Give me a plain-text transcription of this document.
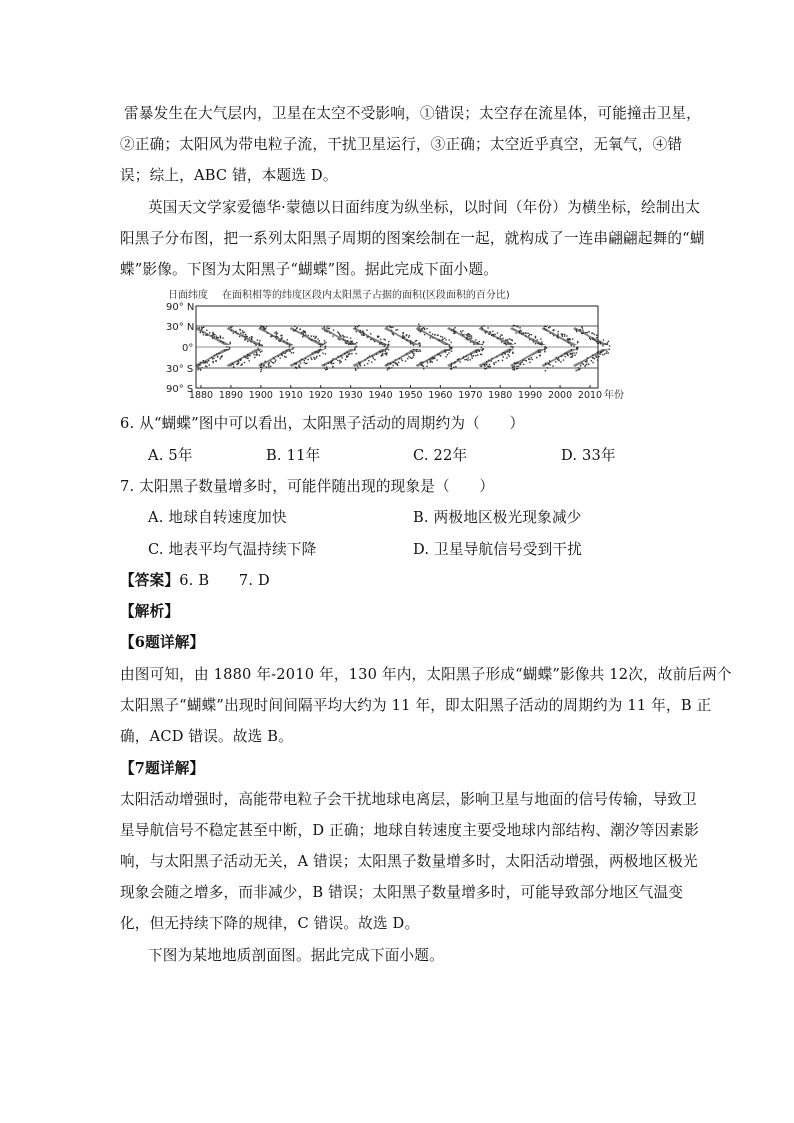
雷暴发生在大气层内，卫星在太空不受影响，①错误；太空存在流星体，可能撞击卫星，
②正确；太阳风为带电粒子流，干扰卫星运行，③正确；太空近乎真空，无氧气，④错
误；综上，ABC 错，本题选 D。
英国天文学家爱德华·蒙德以日面纬度为纵坐标，以时间（年份）为横坐标，绘制出太
阳黑子分布图，把一系列太阳黑子周期的图案绘制在一起，就构成了一连串翩翩起舞的“蝴
蝶”影像。下图为太阳黑子“蝴蝶”图。据此完成下面小题。
日面纬度 在面积相等的纬度区段内太阳黑子占据的面积(区段面积的百分比)
90° N
30° N
0°
30° S
90° S
1880 1890 1900 1910 1920 1930 1940 1950 1960 1970 1980 1990 2000 2010 年份
6. 从“蝴蝶”图中可以看出，太阳黑子活动的周期约为（　　）
A. 5年	B. 11年	C. 22年	D. 33年
7. 太阳黑子数量增多时，可能伴随出现的现象是（　　）
A. 地球自转速度加快	B. 两极地区极光现象减少
C. 地表平均气温持续下降	D. 卫星导航信号受到干扰
【答案】6. B　　7. D
【解析】
【6题详解】
由图可知，由 1880 年-2010 年，130 年内，太阳黑子形成“蝴蝶”影像共 12次，故前后两个
太阳黑子“蝴蝶”出现时间间隔平均大约为 11 年，即太阳黑子活动的周期约为 11 年，B 正
确，ACD 错误。故选 B。
【7题详解】
太阳活动增强时，高能带电粒子会干扰地球电离层，影响卫星与地面的信号传输，导致卫
星导航信号不稳定甚至中断，D 正确；地球自转速度主要受地球内部结构、潮汐等因素影
响，与太阳黑子活动无关，A 错误；太阳黑子数量增多时，太阳活动增强，两极地区极光
现象会随之增多，而非减少，B 错误；太阳黑子数量增多时，可能导致部分地区气温变
化，但无持续下降的规律，C 错误。故选 D。
下图为某地地质剖面图。据此完成下面小题。
